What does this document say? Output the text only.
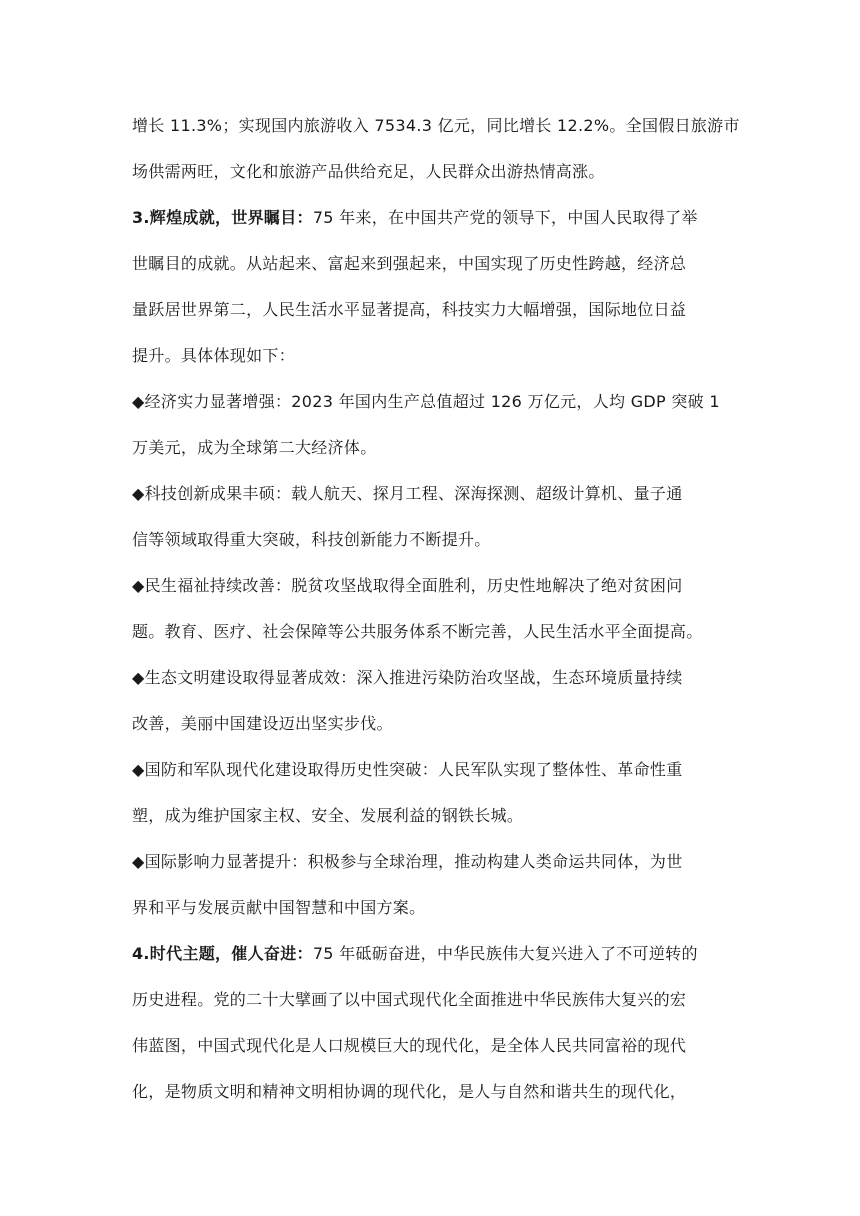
增长 11.3%；实现国内旅游收入 7534.3 亿元，同比增长 12.2%。全国假日旅游市
场供需两旺，文化和旅游产品供给充足，人民群众出游热情高涨。
3.辉煌成就，世界瞩目：75 年来，在中国共产党的领导下，中国人民取得了举
世瞩目的成就。从站起来、富起来到强起来，中国实现了历史性跨越，经济总
量跃居世界第二，人民生活水平显著提高，科技实力大幅增强，国际地位日益
提升。具体体现如下：
◆经济实力显著增强：2023 年国内生产总值超过 126 万亿元，人均 GDP 突破 1
万美元，成为全球第二大经济体。
◆科技创新成果丰硕：载人航天、探月工程、深海探测、超级计算机、量子通
信等领域取得重大突破，科技创新能力不断提升。
◆民生福祉持续改善：脱贫攻坚战取得全面胜利，历史性地解决了绝对贫困问
题。教育、医疗、社会保障等公共服务体系不断完善，人民生活水平全面提高。
◆生态文明建设取得显著成效：深入推进污染防治攻坚战，生态环境质量持续
改善，美丽中国建设迈出坚实步伐。
◆国防和军队现代化建设取得历史性突破：人民军队实现了整体性、革命性重
塑，成为维护国家主权、安全、发展利益的钢铁长城。
◆国际影响力显著提升：积极参与全球治理，推动构建人类命运共同体，为世
界和平与发展贡献中国智慧和中国方案。
4.时代主题，催人奋进：75 年砥砺奋进，中华民族伟大复兴进入了不可逆转的
历史进程。党的二十大擘画了以中国式现代化全面推进中华民族伟大复兴的宏
伟蓝图，中国式现代化是人口规模巨大的现代化，是全体人民共同富裕的现代
化，是物质文明和精神文明相协调的现代化，是人与自然和谐共生的现代化，
